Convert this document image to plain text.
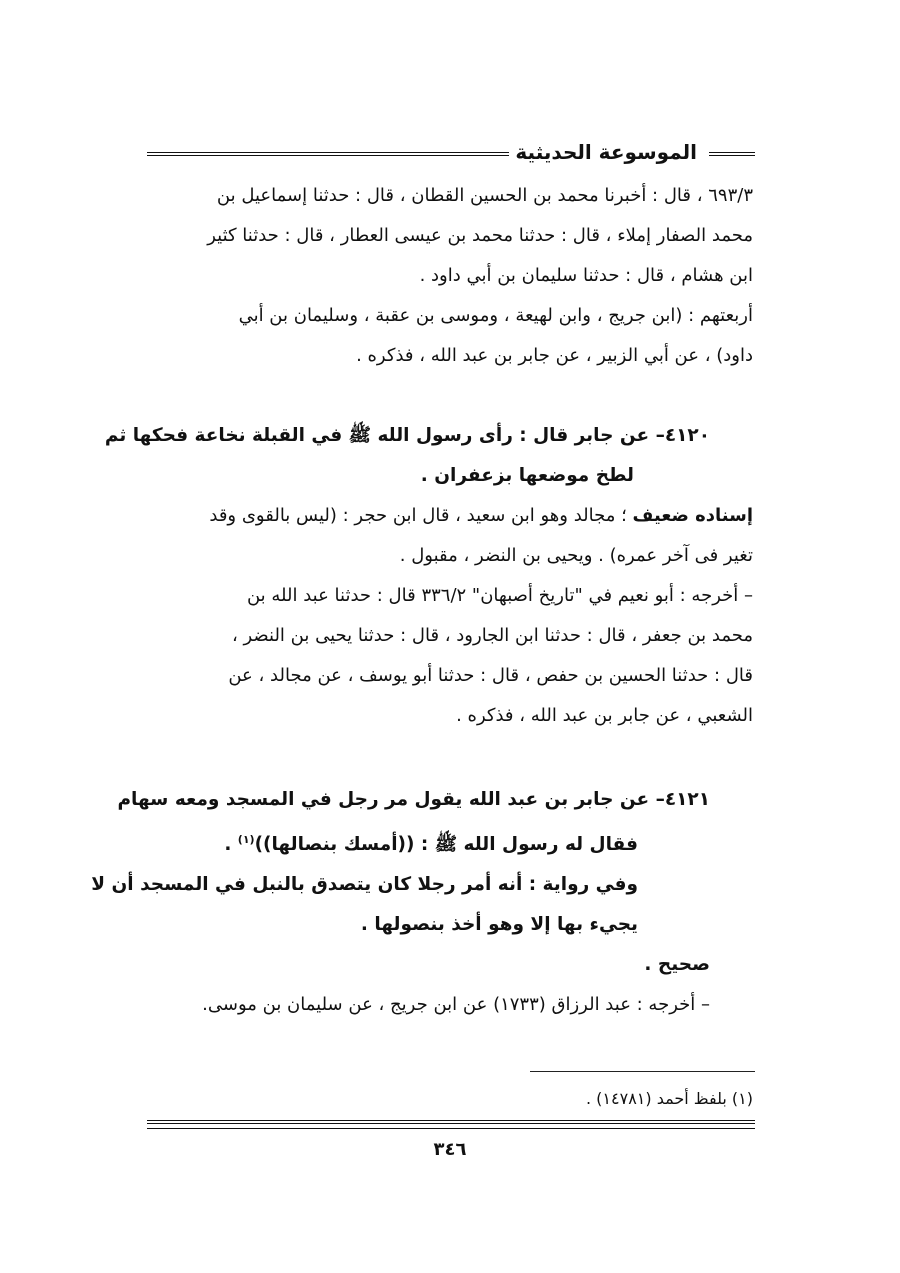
الموسوعة الحديثية
٦٩٣/٣ ، قال : أخبرنا محمد بن الحسين القطان ، قال : حدثنا إسماعيل بن
محمد الصفار إملاء ، قال : حدثنا محمد بن عيسى العطار ، قال : حدثنا كثير
ابن هشام ، قال : حدثنا سليمان بن أبي داود .
أربعتهم : (ابن جريج ، وابن لهيعة ، وموسى بن عقبة ، وسليمان بن أبي
داود) ، عن أبي الزبير ، عن جابر بن عبد الله ، فذكره .
٤١٢٠– عن جابر قال : رأى رسول الله ﷺ في القبلة نخاعة فحكها ثم
لطخ موضعها بزعفران .
إسناده ضعيف ؛ مجالد وهو ابن سعيد ، قال ابن حجر : (ليس بالقوى وقد
تغير فى آخر عمره) . ويحيى بن النضر ، مقبول .
– أخرجه : أبو نعيم في "تاريخ أصبهان" ٣٣٦/٢ قال : حدثنا عبد الله بن
محمد بن جعفر ، قال : حدثنا ابن الجارود ، قال : حدثنا يحيى بن النضر ،
قال : حدثنا الحسين بن حفص ، قال : حدثنا أبو يوسف ، عن مجالد ، عن
الشعبي ، عن جابر بن عبد الله ، فذكره .
٤١٢١– عن جابر بن عبد الله يقول مر رجل في المسجد ومعه سهام
فقال له رسول الله ﷺ : ((أمسك بنصالها))$^{(١)}$ .
وفي رواية : أنه أمر رجلا كان يتصدق بالنبل في المسجد أن لا
يجيء بها إلا وهو أخذ بنصولها .
صحيح .
– أخرجه : عبد الرزاق (١٧٣٣) عن ابن جريج ، عن سليمان بن موسى.
(١) بلفظ أحمد (١٤٧٨١) .
٣٤٦
